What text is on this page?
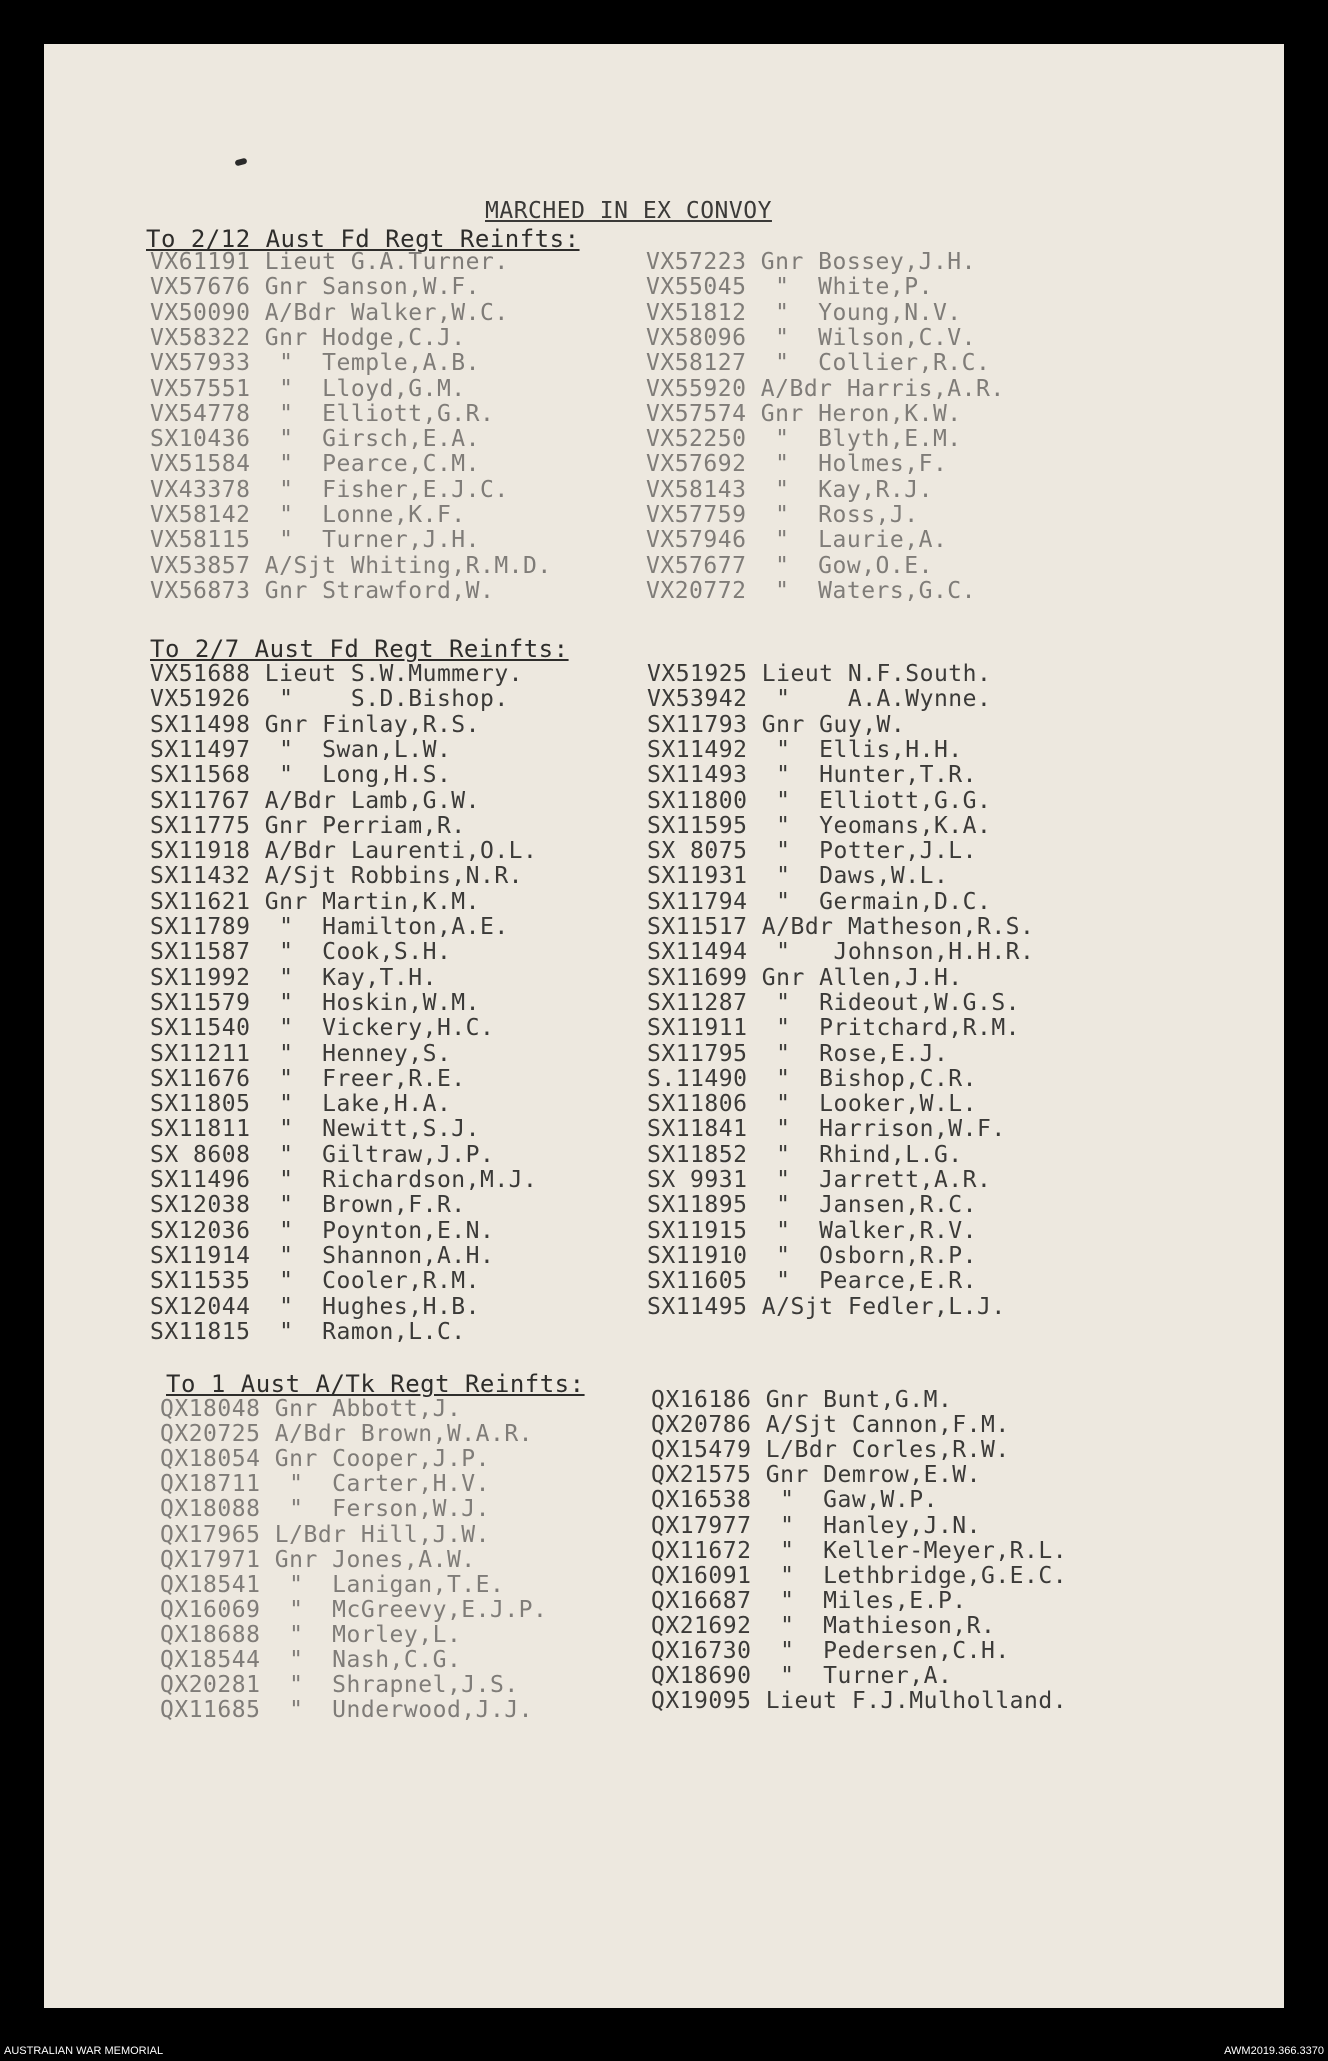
MARCHED IN EX CONVOY
To 2/12 Aust Fd Regt Reinfts:
VX61191 Lieut G.A.Turner.
VX57676 Gnr Sanson,W.F.
VX50090 A/Bdr Walker,W.C.
VX58322 Gnr Hodge,C.J.
VX57933  "  Temple,A.B.
VX57551  "  Lloyd,G.M.
VX54778  "  Elliott,G.R.
SX10436  "  Girsch,E.A.
VX51584  "  Pearce,C.M.
VX43378  "  Fisher,E.J.C.
VX58142  "  Lonne,K.F.
VX58115  "  Turner,J.H.
VX53857 A/Sjt Whiting,R.M.D.
VX56873 Gnr Strawford,W.
VX57223 Gnr Bossey,J.H.
VX55045  "  White,P.
VX51812  "  Young,N.V.
VX58096  "  Wilson,C.V.
VX58127  "  Collier,R.C.
VX55920 A/Bdr Harris,A.R.
VX57574 Gnr Heron,K.W.
VX52250  "  Blyth,E.M.
VX57692  "  Holmes,F.
VX58143  "  Kay,R.J.
VX57759  "  Ross,J.
VX57946  "  Laurie,A.
VX57677  "  Gow,O.E.
VX20772  "  Waters,G.C.
To 2/7 Aust Fd Regt Reinfts:
VX51688 Lieut S.W.Mummery.
VX51926  "    S.D.Bishop.
SX11498 Gnr Finlay,R.S.
SX11497  "  Swan,L.W.
SX11568  "  Long,H.S.
SX11767 A/Bdr Lamb,G.W.
SX11775 Gnr Perriam,R.
SX11918 A/Bdr Laurenti,O.L.
SX11432 A/Sjt Robbins,N.R.
SX11621 Gnr Martin,K.M.
SX11789  "  Hamilton,A.E.
SX11587  "  Cook,S.H.
SX11992  "  Kay,T.H.
SX11579  "  Hoskin,W.M.
SX11540  "  Vickery,H.C.
SX11211  "  Henney,S.
SX11676  "  Freer,R.E.
SX11805  "  Lake,H.A.
SX11811  "  Newitt,S.J.
SX 8608  "  Giltraw,J.P.
SX11496  "  Richardson,M.J.
SX12038  "  Brown,F.R.
SX12036  "  Poynton,E.N.
SX11914  "  Shannon,A.H.
SX11535  "  Cooler,R.M.
SX12044  "  Hughes,H.B.
SX11815  "  Ramon,L.C.
VX51925 Lieut N.F.South.
VX53942  "    A.A.Wynne.
SX11793 Gnr Guy,W.
SX11492  "  Ellis,H.H.
SX11493  "  Hunter,T.R.
SX11800  "  Elliott,G.G.
SX11595  "  Yeomans,K.A.
SX 8075  "  Potter,J.L.
SX11931  "  Daws,W.L.
SX11794  "  Germain,D.C.
SX11517 A/Bdr Matheson,R.S.
SX11494  "   Johnson,H.H.R.
SX11699 Gnr Allen,J.H.
SX11287  "  Rideout,W.G.S.
SX11911  "  Pritchard,R.M.
SX11795  "  Rose,E.J.
S.11490  "  Bishop,C.R.
SX11806  "  Looker,W.L.
SX11841  "  Harrison,W.F.
SX11852  "  Rhind,L.G.
SX 9931  "  Jarrett,A.R.
SX11895  "  Jansen,R.C.
SX11915  "  Walker,R.V.
SX11910  "  Osborn,R.P.
SX11605  "  Pearce,E.R.
SX11495 A/Sjt Fedler,L.J.
To 1 Aust A/Tk Regt Reinfts:
QX18048 Gnr Abbott,J.
QX20725 A/Bdr Brown,W.A.R.
QX18054 Gnr Cooper,J.P.
QX18711  "  Carter,H.V.
QX18088  "  Ferson,W.J.
QX17965 L/Bdr Hill,J.W.
QX17971 Gnr Jones,A.W.
QX18541  "  Lanigan,T.E.
QX16069  "  McGreevy,E.J.P.
QX18688  "  Morley,L.
QX18544  "  Nash,C.G.
QX20281  "  Shrapnel,J.S.
QX11685  "  Underwood,J.J.
QX16186 Gnr Bunt,G.M.
QX20786 A/Sjt Cannon,F.M.
QX15479 L/Bdr Corles,R.W.
QX21575 Gnr Demrow,E.W.
QX16538  "  Gaw,W.P.
QX17977  "  Hanley,J.N.
QX11672  "  Keller-Meyer,R.L.
QX16091  "  Lethbridge,G.E.C.
QX16687  "  Miles,E.P.
QX21692  "  Mathieson,R.
QX16730  "  Pedersen,C.H.
QX18690  "  Turner,A.
QX19095 Lieut F.J.Mulholland.
AUSTRALIAN WAR MEMORIAL	AWM2019.366.3370
